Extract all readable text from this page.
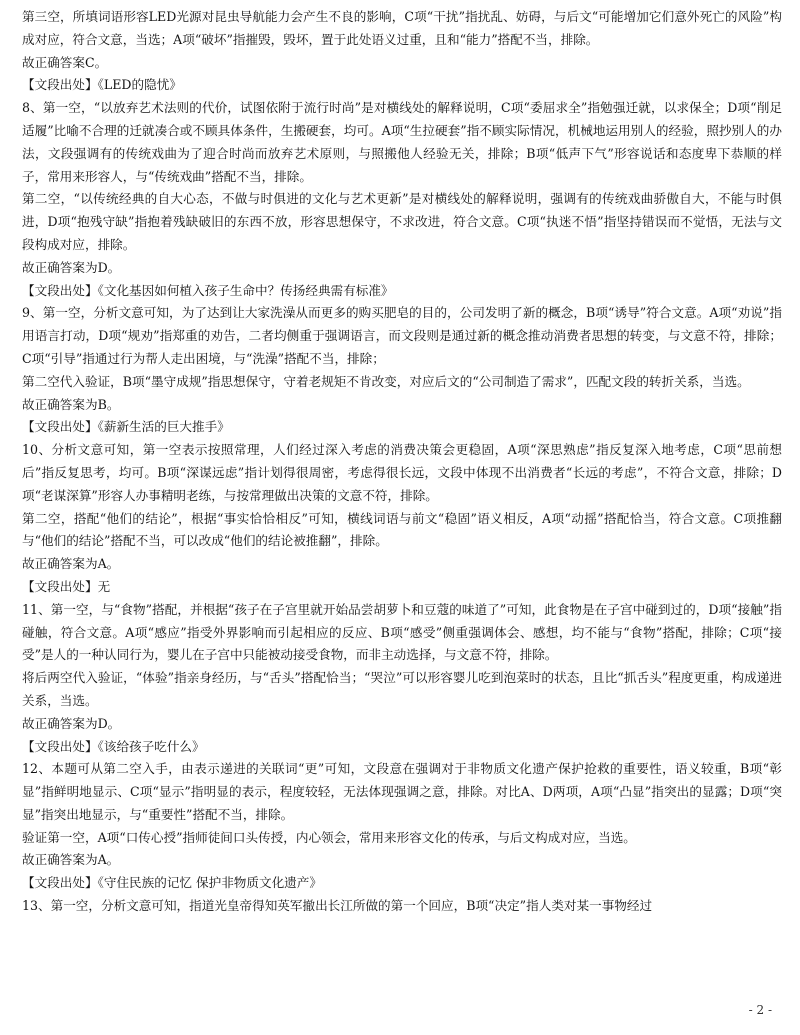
第三空，所填词语形容LED光源对昆虫导航能力会产生不良的影响，C项“干扰”指扰乱、妨碍，与后文“可能增加它们意外死亡的风险”构成对应，符合文意，当选；A项“破坏”指摧毁，毁坏，置于此处语义过重，且和“能力”搭配不当，排除。

故正确答案C。

【文段出处】《LED的隐忧》

8、第一空，“以放弃艺术法则的代价，试图依附于流行时尚”是对横线处的解释说明，C项“委屈求全”指勉强迁就，以求保全；D项“削足适履”比喻不合理的迁就凑合或不顾具体条件，生搬硬套，均可。A项“生拉硬套”指不顾实际情况，机械地运用别人的经验，照抄别人的办法，文段强调有的传统戏曲为了迎合时尚而放弃艺术原则，与照搬他人经验无关，排除；B项“低声下气”形容说话和态度卑下恭顺的样子，常用来形容人，与“传统戏曲”搭配不当，排除。

第二空，“以传统经典的自大心态，不做与时俱进的文化与艺术更新”是对横线处的解释说明，强调有的传统戏曲骄傲自大，不能与时俱进，D项“抱残守缺”指抱着残缺破旧的东西不放，形容思想保守，不求改进，符合文意。C项“执迷不悟”指坚持错误而不觉悟，无法与文段构成对应，排除。

故正确答案为D。

【文段出处】《文化基因如何植入孩子生命中？传扬经典需有标准》

9、第一空，分析文意可知，为了达到让大家洗澡从而更多的购买肥皂的目的，公司发明了新的概念，B项“诱导”符合文意。A项“劝说”指用语言打动，D项“规劝”指郑重的劝告，二者均侧重于强调语言，而文段则是通过新的概念推动消费者思想的转变，与文意不符，排除；C项“引导”指通过行为帮人走出困境，与“洗澡”搭配不当，排除；

第二空代入验证，B项“墨守成规”指思想保守，守着老规矩不肯改变，对应后文的“公司制造了需求”，匹配文段的转折关系，当选。

故正确答案为B。

【文段出处】《薪新生活的巨大推手》

10、分析文意可知，第一空表示按照常理，人们经过深入考虑的消费决策会更稳固，A项“深思熟虑”指反复深入地考虑，C项“思前想后”指反复思考，均可。B项“深谋远虑”指计划得很周密，考虑得很长远，文段中体现不出消费者“长远的考虑”，不符合文意，排除；D项“老谋深算”形容人办事精明老练，与按常理做出决策的文意不符，排除。

第二空，搭配“他们的结论”，根据“事实恰恰相反”可知，横线词语与前文“稳固”语义相反，A项“动摇”搭配恰当，符合文意。C项推翻与“他们的结论”搭配不当，可以改成“他们的结论被推翻”，排除。

故正确答案为A。

【文段出处】无

11、第一空，与“食物”搭配，并根据“孩子在子宫里就开始品尝胡萝卜和豆蔻的味道了”可知，此食物是在子宫中碰到过的，D项“接触”指碰触，符合文意。A项“感应”指受外界影响而引起相应的反应、B项“感受”侧重强调体会、感想，均不能与“食物”搭配，排除；C项“接受”是人的一种认同行为，婴儿在子宫中只能被动接受食物，而非主动选择，与文意不符，排除。

将后两空代入验证，“体验”指亲身经历，与“舌头”搭配恰当；“哭泣”可以形容婴儿吃到泡菜时的状态，且比“抓舌头”程度更重，构成递进关系，当选。

故正确答案为D。

【文段出处】《该给孩子吃什么》

12、本题可从第二空入手，由表示递进的关联词“更”可知，文段意在强调对于非物质文化遗产保护抢救的重要性，语义较重，B项“彰显”指鲜明地显示、C项“显示”指明显的表示，程度较轻，无法体现强调之意，排除。对比A、D两项，A项“凸显”指突出的显露；D项“突显”指突出地显示，与“重要性”搭配不当，排除。

验证第一空，A项“口传心授”指师徒间口头传授，内心领会，常用来形容文化的传承，与后文构成对应，当选。

故正确答案为A。

【文段出处】《守住民族的记忆 保护非物质文化遗产》

13、第一空，分析文意可知，指道光皇帝得知英军撤出长江所做的第一个回应，B项“决定”指人类对某一事物经过

- 2 -
